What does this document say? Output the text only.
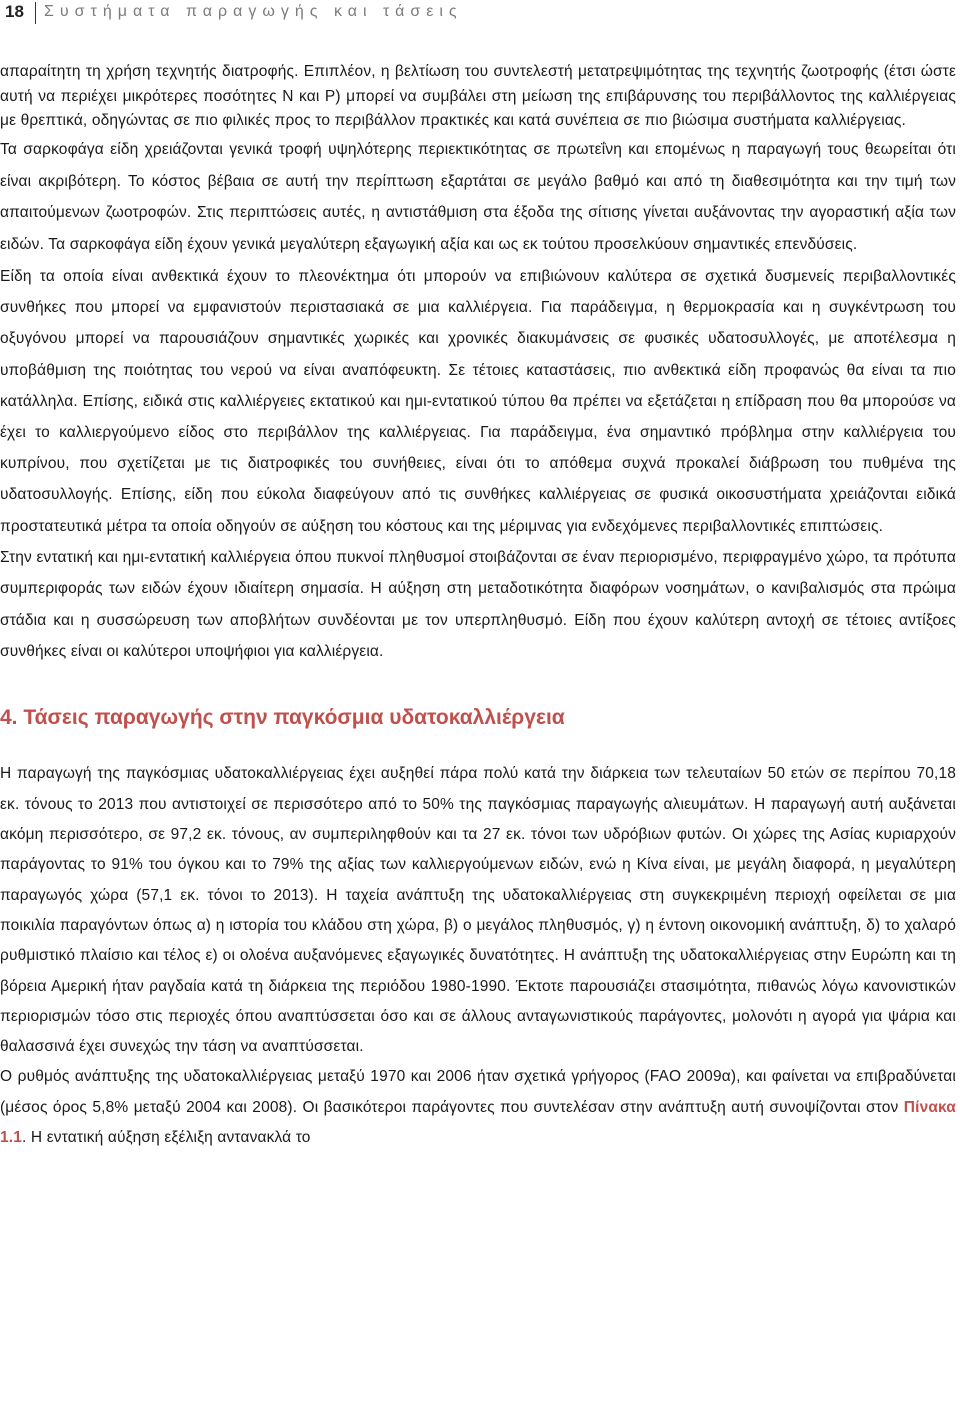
18 Συστήματα παραγωγής και τάσεις

απαραίτητη τη χρήση τεχνητής διατροφής. Επιπλέον, η βελτίωση του συντελεστή μετατρεψιμότητας της τεχνητής ζωοτροφής (έτσι ώστε αυτή να περιέχει μικρότερες ποσότητες N και P) μπορεί να συμβάλει στη μείωση της επιβάρυνσης του περιβάλλοντος της καλλιέργειας με θρεπτικά, οδηγώντας σε πιο φιλικές προς το περιβάλλον πρακτικές και κατά συνέπεια σε πιο βιώσιμα συστήματα καλλιέργειας.

Τα σαρκοφάγα είδη χρειάζονται γενικά τροφή υψηλότερης περιεκτικότητας σε πρωτεΐνη και επομένως η παραγωγή τους θεωρείται ότι είναι ακριβότερη. Το κόστος βέβαια σε αυτή την περίπτωση εξαρτάται σε μεγάλο βαθμό και από τη διαθεσιμότητα και την τιμή των απαιτούμενων ζωοτροφών. Στις περιπτώσεις αυτές, η αντιστάθμιση στα έξοδα της σίτισης γίνεται αυξάνοντας την αγοραστική αξία των ειδών. Τα σαρκοφάγα είδη έχουν γενικά μεγαλύτερη εξαγωγική αξία και ως εκ τούτου προσελκύουν σημαντικές επενδύσεις.

Είδη τα οποία είναι ανθεκτικά έχουν το πλεονέκτημα ότι μπορούν να επιβιώνουν καλύτερα σε σχετικά δυσμενείς περιβαλλοντικές συνθήκες που μπορεί να εμφανιστούν περιστασιακά σε μια καλλιέργεια. Για παράδειγμα, η θερμοκρασία και η συγκέντρωση του οξυγόνου μπορεί να παρουσιάζουν σημαντικές χωρικές και χρονικές διακυμάνσεις σε φυσικές υδατοσυλλογές, με αποτέλεσμα η υποβάθμιση της ποιότητας του νερού να είναι αναπόφευκτη. Σε τέτοιες καταστάσεις, πιο ανθεκτικά είδη προφανώς θα είναι τα πιο κατάλληλα. Επίσης, ειδικά στις καλλιέργειες εκτατικού και ημι-εντατικού τύπου θα πρέπει να εξετάζεται η επίδραση που θα μπορούσε να έχει το καλλιεργούμενο είδος στο περιβάλλον της καλλιέργειας. Για παράδειγμα, ένα σημαντικό πρόβλημα στην καλλιέργεια του κυπρίνου, που σχετίζεται με τις διατροφικές του συνήθειες, είναι ότι το απόθεμα συχνά προκαλεί διάβρωση του πυθμένα της υδατοσυλλογής. Επίσης, είδη που εύκολα διαφεύγουν από τις συνθήκες καλλιέργειας σε φυσικά οικοσυστήματα χρειάζονται ειδικά προστατευτικά μέτρα τα οποία οδηγούν σε αύξηση του κόστους και της μέριμνας για ενδεχόμενες περιβαλλοντικές επιπτώσεις.

Στην εντατική και ημι-εντατική καλλιέργεια όπου πυκνοί πληθυσμοί στοιβάζονται σε έναν περιορισμένο, περιφραγμένο χώρο, τα πρότυπα συμπεριφοράς των ειδών έχουν ιδιαίτερη σημασία. Η αύξηση στη μεταδοτικότητα διαφόρων νοσημάτων, ο κανιβαλισμός στα πρώιμα στάδια και η συσσώρευση των αποβλήτων συνδέονται με τον υπερπληθυσμό. Είδη που έχουν καλύτερη αντοχή σε τέτοιες αντίξοες συνθήκες είναι οι καλύτεροι υποψήφιοι για καλλιέργεια.

4. Τάσεις παραγωγής στην παγκόσμια υδατοκαλλιέργεια

Η παραγωγή της παγκόσμιας υδατοκαλλιέργειας έχει αυξηθεί πάρα πολύ κατά την διάρκεια των τελευταίων 50 ετών σε περίπου 70,18 εκ. τόνους το 2013 που αντιστοιχεί σε περισσότερο από το 50% της παγκόσμιας παραγωγής αλιευμάτων. Η παραγωγή αυτή αυξάνεται ακόμη περισσότερο, σε 97,2 εκ. τόνους, αν συμπεριληφθούν και τα 27 εκ. τόνοι των υδρόβιων φυτών. Οι χώρες της Ασίας κυριαρχούν παράγοντας το 91% του όγκου και το 79% της αξίας των καλλιεργούμενων ειδών, ενώ η Κίνα είναι, με μεγάλη διαφορά, η μεγαλύτερη παραγωγός χώρα (57,1 εκ. τόνοι το 2013). Η ταχεία ανάπτυξη της υδατοκαλλιέργειας στη συγκεκριμένη περιοχή οφείλεται σε μια ποικιλία παραγόντων όπως α) η ιστορία του κλάδου στη χώρα, β) ο μεγάλος πληθυσμός, γ) η έντονη οικονομική ανάπτυξη, δ) το χαλαρό ρυθμιστικό πλαίσιο και τέλος ε) οι ολοένα αυξανόμενες εξαγωγικές δυνατότητες. Η ανάπτυξη της υδατοκαλλιέργειας στην Ευρώπη και τη βόρεια Αμερική ήταν ραγδαία κατά τη διάρκεια της περιόδου 1980-1990. Έκτοτε παρουσιάζει στασιμότητα, πιθανώς λόγω κανονιστικών περιορισμών τόσο στις περιοχές όπου αναπτύσσεται όσο και σε άλλους ανταγωνιστικούς παράγοντες, μολονότι η αγορά για ψάρια και θαλασσινά έχει συνεχώς την τάση να αναπτύσσεται.

Ο ρυθμός ανάπτυξης της υδατοκαλλιέργειας μεταξύ 1970 και 2006 ήταν σχετικά γρήγορος (FAO 2009α), και φαίνεται να επιβραδύνεται (μέσος όρος 5,8% μεταξύ 2004 και 2008). Οι βασικότεροι παράγοντες που συντελέσαν στην ανάπτυξη αυτή συνοψίζονται στον Πίνακα 1.1. Η εντατική αύξηση εξέλιξη αντανακλά το
